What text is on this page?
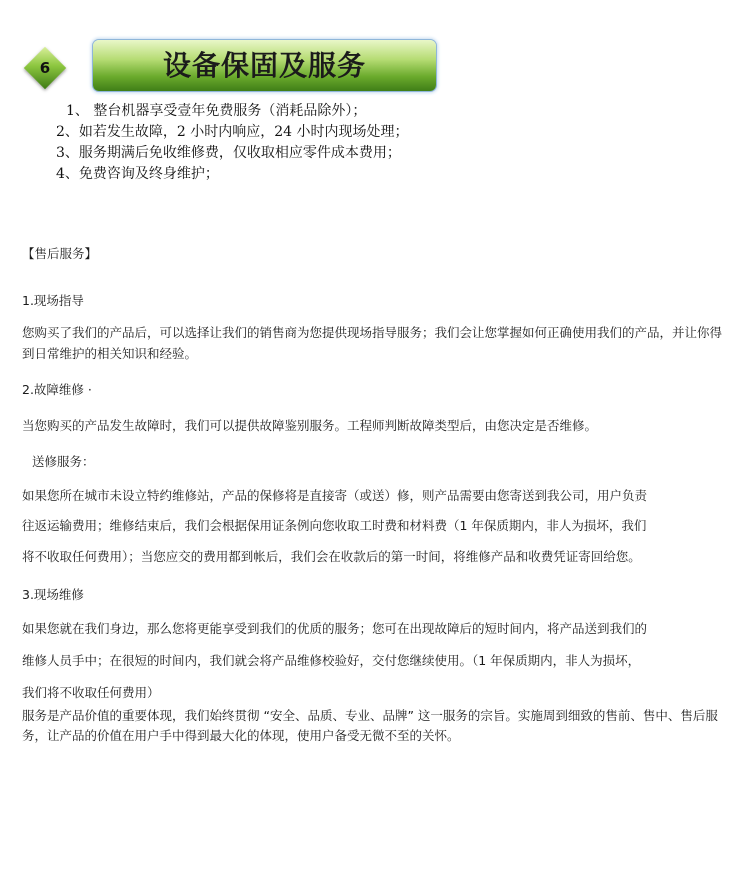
6	设备保固及服务
1、 整台机器享受壹年免费服务（消耗品除外）；
2、如若发生故障，2 小时内响应，24 小时内现场处理；
3、服务期满后免收维修费，仅收取相应零件成本费用；
4、免费咨询及终身维护；
【售后服务】
1.现场指导
您购买了我们的产品后，可以选择让我们的销售商为您提供现场指导服务；我们会让您掌握如何正确使用我们的产品，并让你得到日常维护的相关知识和经验。
2.故障维修 ·
当您购买的产品发生故障时，我们可以提供故障鉴别服务。工程师判断故障类型后，由您决定是否维修。
送修服务：
如果您所在城市未设立特约维修站，产品的保修将是直接寄（或送）修，则产品需要由您寄送到我公司，用户负责
往返运输费用；维修结束后，我们会根据保用证条例向您收取工时费和材料费（1 年保质期内，非人为损坏，我们
将不收取任何费用）；当您应交的费用都到帐后，我们会在收款后的第一时间，将维修产品和收费凭证寄回给您。
3.现场维修
如果您就在我们身边，那么您将更能享受到我们的优质的服务；您可在出现故障后的短时间内，将产品送到我们的
维修人员手中；在很短的时间内，我们就会将产品维修校验好，交付您继续使用。（1 年保质期内，非人为损坏，
我们将不收取任何费用）
服务是产品价值的重要体现，我们始终贯彻 “安全、品质、专业、品牌” 这一服务的宗旨。实施周到细致的售前、售中、售后服务，让产品的价值在用户手中得到最大化的体现，使用户备受无微不至的关怀。
